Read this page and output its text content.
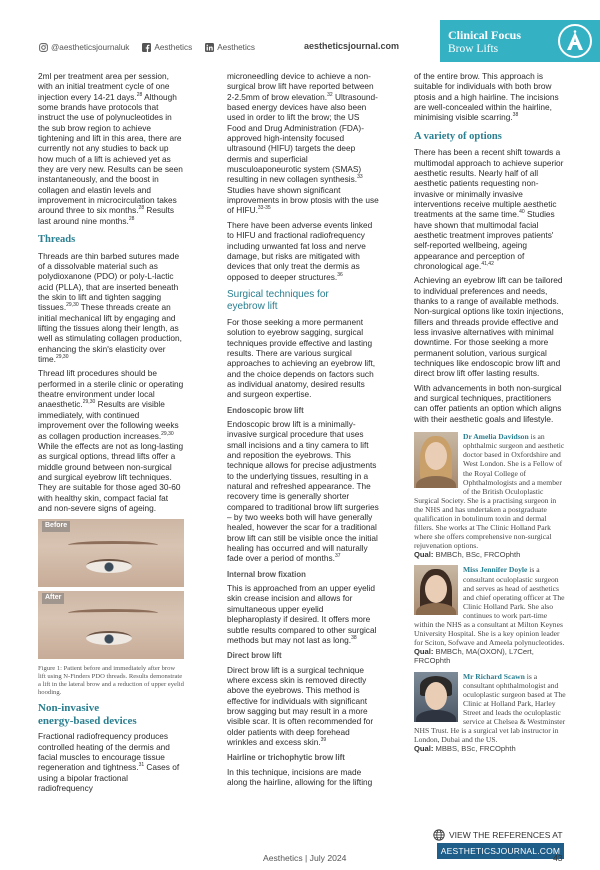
@aestheticsjournaluk	Aesthetics	Aesthetics	aestheticsjournal.com
Clinical Focus
Brow Lifts

2ml per treatment area per session, with an initial treatment cycle of one injection every 14-21 days.$^{28}$ Although some brands have protocols that instruct the use of polynucleotides in the sub brow region to achieve tightening and lift in this area, there are currently not any studies to back up how much of a lift is achieved yet as they are very new. Results can be seen instantaneously, and the boost in collagen and elastin levels and improvement in microcirculation takes around three to six months.$^{28}$ Results last around nine months.$^{28}$

Threads

Threads are thin barbed sutures made of a dissolvable material such as polydioxanone (PDO) or poly-L-lactic acid (PLLA), that are inserted beneath the skin to lift and tighten sagging tissues.$^{29,30}$ These threads create an initial mechanical lift by engaging and lifting the tissues along their length, as well as stimulating collagen production, enhancing the skin's elasticity over time.$^{29,30}$

Thread lift procedures should be performed in a sterile clinic or operating theatre environment under local anaesthetic.$^{29,30}$ Results are visible immediately, with continued improvement over the following weeks as collagen production increases.$^{29,30}$ While the effects are not as long-lasting as surgical options, thread lifts offer a middle ground between non-surgical and surgical eyebrow lift techniques. They are suitable for those aged 30-60 with healthy skin, compact facial fat and non-severe signs of ageing.

Before
After
Figure 1: Patient before and immediately after brow lift using N-Finders PDO threads. Results demonstrate a lift in the lateral brow and a reduction of upper eyelid hooding.
Non-invasive
energy-based devices

Fractional radiofrequency produces controlled heating of the dermis and facial muscles to encourage tissue regeneration and tightness.$^{31}$ Cases of using a bipolar fractional radiofrequency

microneedling device to achieve a non-surgical brow lift have reported between 2-2.5mm of brow elevation.$^{32}$ Ultrasound-based energy devices have also been used in order to lift the brow; the US Food and Drug Administration (FDA)-approved high-intensity focused ultrasound (HIFU) targets the deep dermis and superficial musculoaponeurotic system (SMAS) resulting in new collagen synthesis.$^{33}$ Studies have shown significant improvements in brow ptosis with the use of HIFU.$^{33-35}$

There have been adverse events linked to HIFU and fractional radiofrequency including unwanted fat loss and nerve damage, but risks are mitigated with devices that only treat the dermis as opposed to deeper structures.$^{36}$

Surgical techniques for
eyebrow lift

For those seeking a more permanent solution to eyebrow sagging, surgical techniques provide effective and lasting results. There are various surgical approaches to achieving an eyebrow lift, and the choice depends on factors such as individual anatomy, desired results and surgeon expertise.

Endoscopic brow lift

Endoscopic brow lift is a minimally-invasive surgical procedure that uses small incisions and a tiny camera to lift and reposition the eyebrows. This technique allows for precise adjustments to the underlying tissues, resulting in a natural and refreshed appearance. The recovery time is generally shorter compared to traditional brow lift surgeries – by two weeks both will have generally healed, however the scar for a traditional brow lift can still be visible once the initial healing has occurred and will naturally fade over a period of months.$^{37}$

Internal brow fixation

This is approached from an upper eyelid skin crease incision and allows for simultaneous upper eyelid blepharoplasty if desired. It offers more subtle results compared to other surgical methods but may not last as long.$^{38}$

Direct brow lift

Direct brow lift is a surgical technique where excess skin is removed directly above the eyebrows. This method is effective for individuals with significant brow sagging but may result in a more visible scar. It is often recommended for older patients with deep forehead wrinkles and excess skin.$^{39}$

Hairline or trichophytic brow lift

In this technique, incisions are made along the hairline, allowing for the lifting

of the entire brow. This approach is suitable for individuals with both brow ptosis and a high hairline. The incisions are well-concealed within the hairline, minimising visible scarring.$^{38}$

A variety of options

There has been a recent shift towards a multimodal approach to achieve superior aesthetic results. Nearly half of all aesthetic patients requesting non-invasive or minimally invasive interventions receive multiple aesthetic treatments at the same time.$^{40}$ Studies have shown that multimodal facial aesthetic treatment improves patients' self-reported wellbeing, ageing appearance and perception of chronological age.$^{41,42}$

Achieving an eyebrow lift can be tailored to individual preferences and needs, thanks to a range of available methods. Non-surgical options like toxin injections, fillers and threads provide effective and less invasive alternatives with minimal downtime. For those seeking a more permanent solution, various surgical techniques like endoscopic brow lift and direct brow lift offer lasting results.

With advancements in both non-surgical and surgical techniques, practitioners can offer patients an option which aligns with their aesthetic goals and lifestyle.

Dr Amelia Davidson is an ophthalmic surgeon and aesthetic doctor based in Oxfordshire and West London. She is a Fellow of the Royal College of Ophthalmologists and a member of the British Oculoplastic Surgical Society. She is a practising surgeon in the NHS and has undertaken a postgraduate qualification in botulinum toxin and dermal fillers. She works at The Clinic Holland Park where she offers comprehensive non-surgical rejuvenation options.
Qual: BMBCh, BSc, FRCOphth
Miss Jennifer Doyle is a consultant oculoplastic surgeon and serves as head of aesthetics and chief operating officer at The Clinic Holland Park. She also continues to work part-time within the NHS as a consultant at Milton Keynes University Hospital. She is a key opinion leader for Sciton, Sofwave and Ameela polynucleotides.
Qual: BMBCh, MA(OXON), L7Cert, FRCOphth
Mr Richard Scawn is a consultant ophthalmologist and oculoplastic surgeon based at The Clinic at Holland Park, Harley Street and leads the oculoplastic service at Chelsea & Westminster NHS Trust. He is a surgical vet lab instructor in London, Dubai and the US.
Qual: MBBS, BSc, FRCOphth
VIEW THE REFERENCES AT
AESTHETICSJOURNAL.COM
Aesthetics | July 2024	43
